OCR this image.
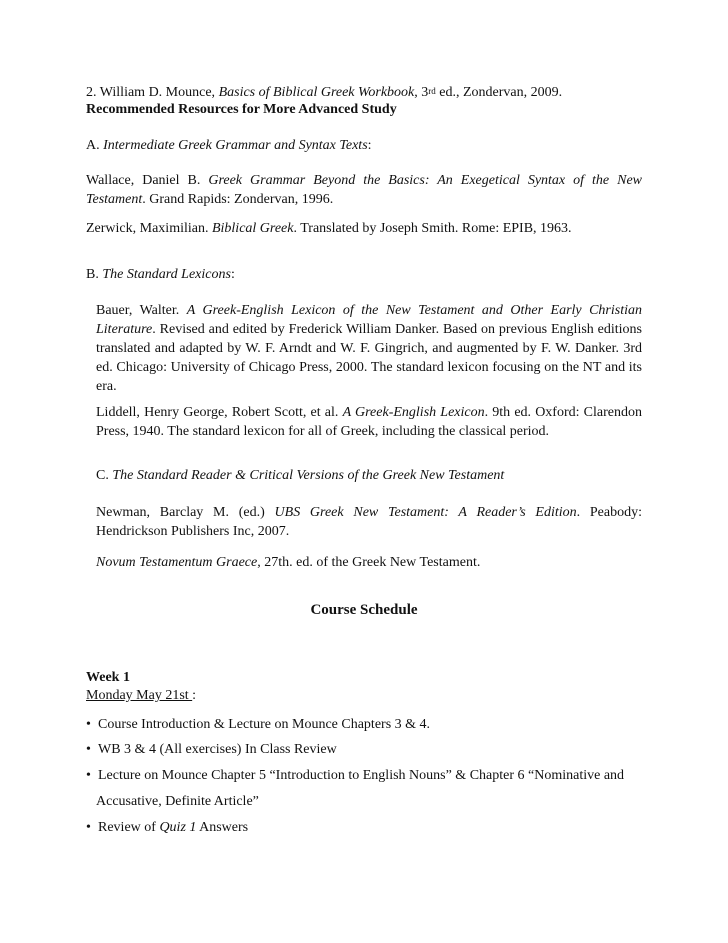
2. William D. Mounce, Basics of Biblical Greek Workbook, 3rd ed., Zondervan, 2009.
Recommended Resources for More Advanced Study
A. Intermediate Greek Grammar and Syntax Texts:
Wallace, Daniel B. Greek Grammar Beyond the Basics: An Exegetical Syntax of the New Testament. Grand Rapids: Zondervan, 1996.
Zerwick, Maximilian. Biblical Greek. Translated by Joseph Smith. Rome: EPIB, 1963.
B. The Standard Lexicons:
Bauer, Walter. A Greek-English Lexicon of the New Testament and Other Early Christian Literature. Revised and edited by Frederick William Danker. Based on previous English editions translated and adapted by W. F. Arndt and W. F. Gingrich, and augmented by F. W. Danker. 3rd ed. Chicago: University of Chicago Press, 2000. The standard lexicon focusing on the NT and its era.
Liddell, Henry George, Robert Scott, et al. A Greek-English Lexicon. 9th ed. Oxford: Clarendon Press, 1940. The standard lexicon for all of Greek, including the classical period.
C. The Standard Reader & Critical Versions of the Greek New Testament
Newman, Barclay M. (ed.) UBS Greek New Testament: A Reader’s Edition. Peabody: Hendrickson Publishers Inc, 2007.
Novum Testamentum Graece, 27th. ed. of the Greek New Testament.
Course Schedule
Week 1
Monday May 21st :
• Course Introduction & Lecture on Mounce Chapters 3 & 4.
• WB 3 & 4 (All exercises) In Class Review
• Lecture on Mounce Chapter 5 “Introduction to English Nouns” & Chapter 6 “Nominative and
Accusative, Definite Article”
• Review of Quiz 1 Answers
